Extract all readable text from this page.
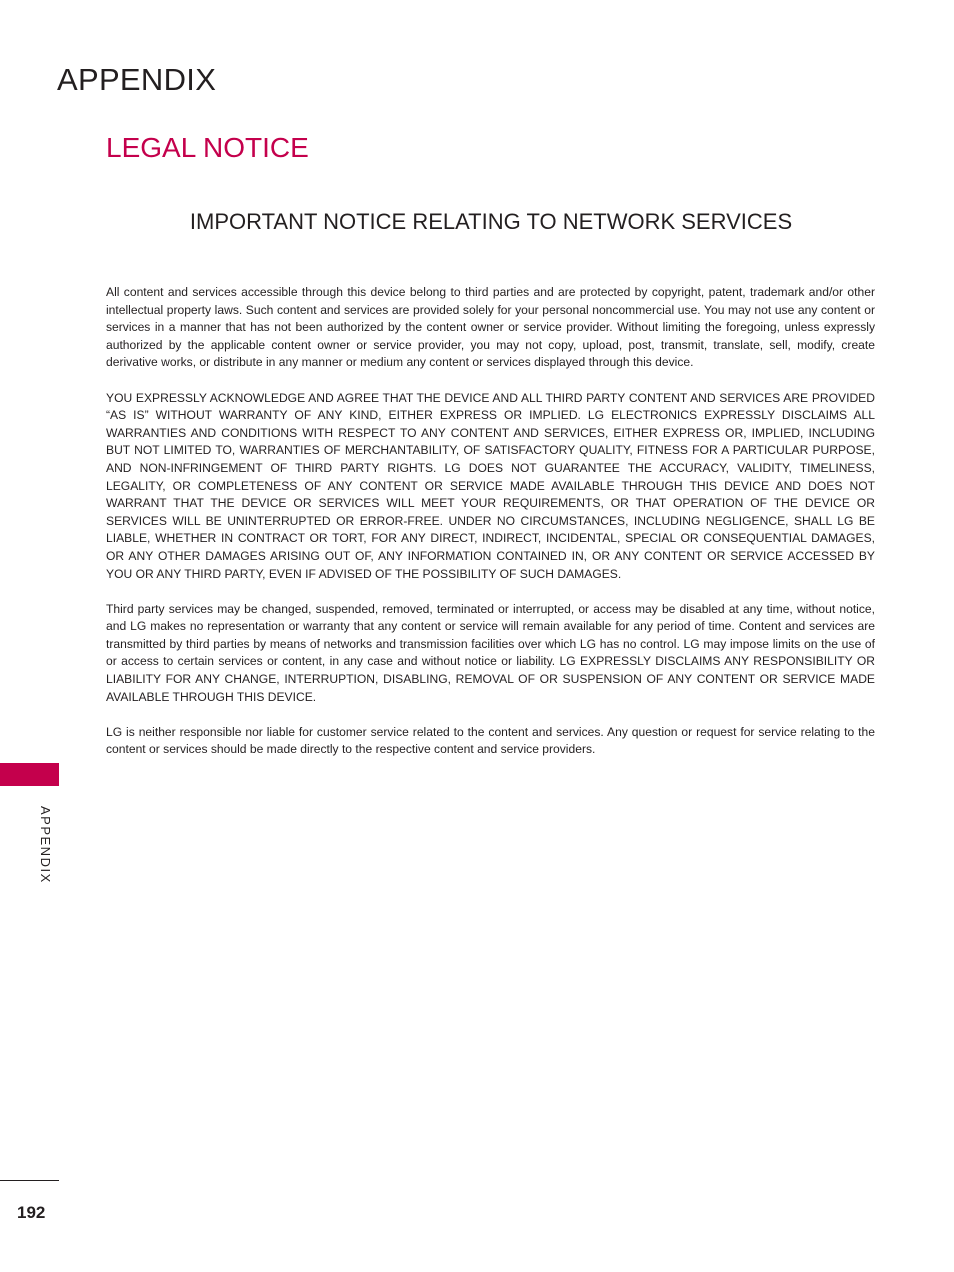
APPENDIX
LEGAL NOTICE
IMPORTANT NOTICE RELATING TO NETWORK SERVICES

All content and services accessible through this device belong to third parties and are protected by copyright, patent, trademark and/or other intellectual property laws. Such content and services are provided solely for your personal noncommercial use. You may not use any content or services in a manner that has not been authorized by the content owner or service provider. Without limiting the foregoing, unless expressly authorized by the applicable content owner or service provider, you may not copy, upload, post, transmit, translate, sell, modify, create derivative works, or distribute in any manner or medium any content or services displayed through this device.

YOU EXPRESSLY ACKNOWLEDGE AND AGREE THAT THE DEVICE AND ALL THIRD PARTY CONTENT AND SERVICES ARE PROVIDED “AS IS” WITHOUT WARRANTY OF ANY KIND, EITHER EXPRESS OR IMPLIED. LG ELECTRONICS EXPRESSLY DISCLAIMS ALL WARRANTIES AND CONDITIONS WITH RESPECT TO ANY CONTENT AND SERVICES, EITHER EXPRESS OR, IMPLIED, INCLUDING BUT NOT LIMITED TO, WARRANTIES OF MERCHANTABILITY, OF SATISFACTORY QUALITY, FITNESS FOR A PARTICULAR PURPOSE, AND NON-INFRINGEMENT OF THIRD PARTY RIGHTS. LG DOES NOT GUARANTEE THE ACCURACY, VALIDITY, TIMELINESS, LEGALITY, OR COMPLETENESS OF ANY CONTENT OR SERVICE MADE AVAILABLE THROUGH THIS DEVICE AND DOES NOT WARRANT THAT THE DEVICE OR SERVICES WILL MEET YOUR REQUIREMENTS, OR THAT OPERATION OF THE DEVICE OR SERVICES WILL BE UNINTERRUPTED OR ERROR-FREE. UNDER NO CIRCUMSTANCES, INCLUDING NEGLIGENCE, SHALL LG BE LIABLE, WHETHER IN CONTRACT OR TORT, FOR ANY DIRECT, INDIRECT, INCIDENTAL, SPECIAL OR CONSEQUENTIAL DAMAGES, OR ANY OTHER DAMAGES ARISING OUT OF, ANY INFORMATION CONTAINED IN, OR ANY CONTENT OR SERVICE ACCESSED BY YOU OR ANY THIRD PARTY, EVEN IF ADVISED OF THE POSSIBILITY OF SUCH DAMAGES.

Third party services may be changed, suspended, removed, terminated or interrupted, or access may be disabled at any time, without notice, and LG makes no representation or warranty that any content or service will remain available for any period of time. Content and services are transmitted by third parties by means of networks and transmission facilities over which LG has no control. LG may impose limits on the use of or access to certain services or content, in any case and without notice or liability. LG EXPRESSLY DISCLAIMS ANY RESPONSIBILITY OR LIABILITY FOR ANY CHANGE, INTERRUPTION, DISABLING, REMOVAL OF OR SUSPENSION OF ANY CONTENT OR SERVICE MADE AVAILABLE THROUGH THIS DEVICE.

LG is neither responsible nor liable for customer service related to the content and services. Any question or request for service relating to the content or services should be made directly to the respective content and service providers.

APPENDIX
192
